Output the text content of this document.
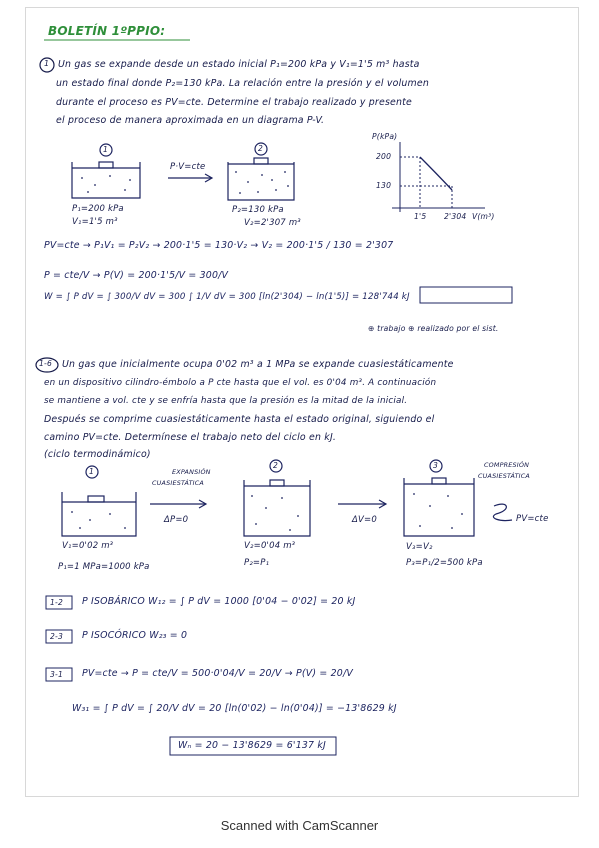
BOLETÍN 1ºPPIO:
1 Un gas se expande desde un estado inicial P₁=200 kPa y V₁=1'5 m³ hasta
un estado final donde P₂=130 kPa. La relación entre la presión y el volumen
durante el proceso es PV=cte. Determine el trabajo realizado y presente
el proceso de manera aproximada en un diagrama P-V.
1	2
P·V=cte
P₁=200 kPa
V₁=1'5 m³
P₂=130 kPa
V₂=2'307 m³
P(kPa)
V(m³)
200
130
1'5 2'304
PV=cte → P₁V₁ = P₂V₂ → 200·1'5 = 130·V₂ → V₂ = 200·1'5 / 130 = 2'307
P = cte/V → P(V) = 200·1'5/V = 300/V
W = ∫ P dV = ∫ 300/V dV = 300 ∫ 1/V dV = 300 [ln(2'304) − ln(1'5)] = 128'744 kJ
⊕ trabajo ⊕ realizado por el sist.
1-6 Un gas que inicialmente ocupa 0'02 m³ a 1 MPa se expande cuasiestáticamente
en un dispositivo cilindro-émbolo a P cte hasta que el vol. es 0'04 m³. A continuación
se mantiene a vol. cte y se enfría hasta que la presión es la mitad de la inicial.
Después se comprime cuasiestáticamente hasta el estado original, siguiendo el
camino PV=cte. Determínese el trabajo neto del ciclo en kJ.
(ciclo termodinámico)
1
2	3
EXPANSIÓN
CUASIESTÁTICA
COMPRESIÓN
CUASIESTÁTICA
ΔP=0	ΔV=0	PV=cte
V₁=0'02 m³
P₁=1 MPa=1000 kPa
V₂=0'04 m³
P₂=P₁
V₃=V₂
P₃=P₁/2=500 kPa
1-2 P ISOBÁRICO W₁₂ = ∫ P dV = 1000 [0'04 − 0'02] = 20 kJ
2-3 P ISOCÓRICO W₂₃ = 0
3-1 PV=cte → P = cte/V = 500·0'04/V = 20/V → P(V) = 20/V
W₃₁ = ∫ P dV = ∫ 20/V dV = 20 [ln(0'02) − ln(0'04)] = −13'8629 kJ
Wₙ = 20 − 13'8629 = 6'137 kJ
Scanned with CamScanner
